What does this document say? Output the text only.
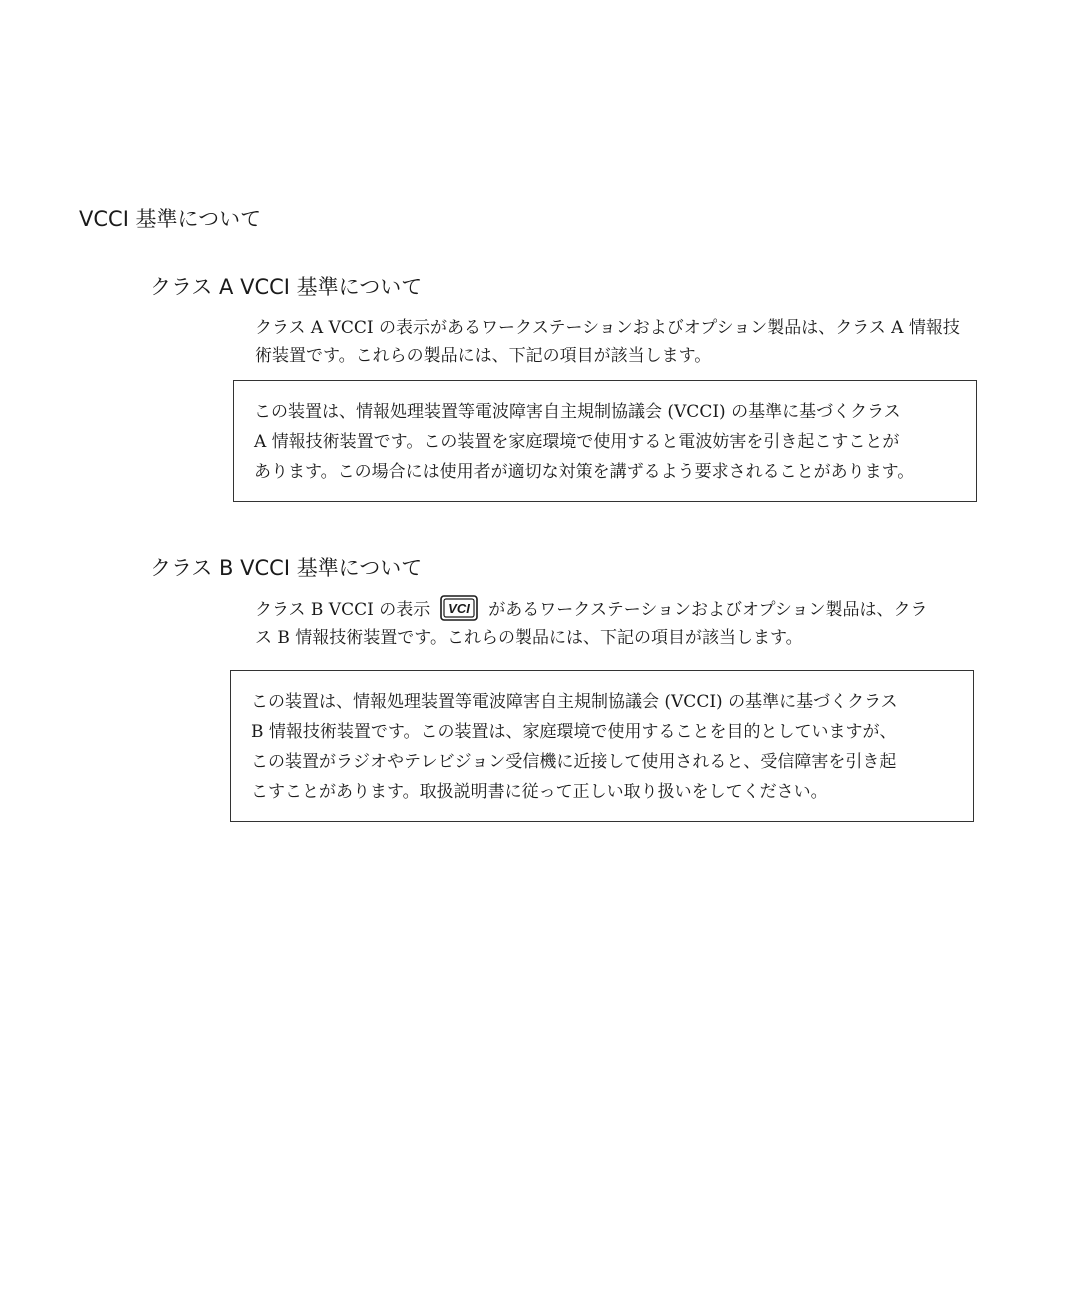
VCCI 基準について
クラス A VCCI 基準について
クラス A VCCI の表示があるワークステーションおよびオプション製品は、クラス A 情報技
術装置です。これらの製品には、下記の項目が該当します。
この装置は、情報処理装置等電波障害自主規制協議会 (VCCI) の基準に基づくクラス
A 情報技術装置です。この装置を家庭環境で使用すると電波妨害を引き起こすことが
あります。この場合には使用者が適切な対策を講ずるよう要求されることがあります。
クラス B VCCI 基準について
クラス B VCCI の表示 VCI があるワークステーションおよびオプション製品は、クラ
ス B 情報技術装置です。これらの製品には、下記の項目が該当します。
この装置は、情報処理装置等電波障害自主規制協議会 (VCCI) の基準に基づくクラス
B 情報技術装置です。この装置は、家庭環境で使用することを目的としていますが、
この装置がラジオやテレビジョン受信機に近接して使用されると、受信障害を引き起
こすことがあります。取扱説明書に従って正しい取り扱いをしてください。
